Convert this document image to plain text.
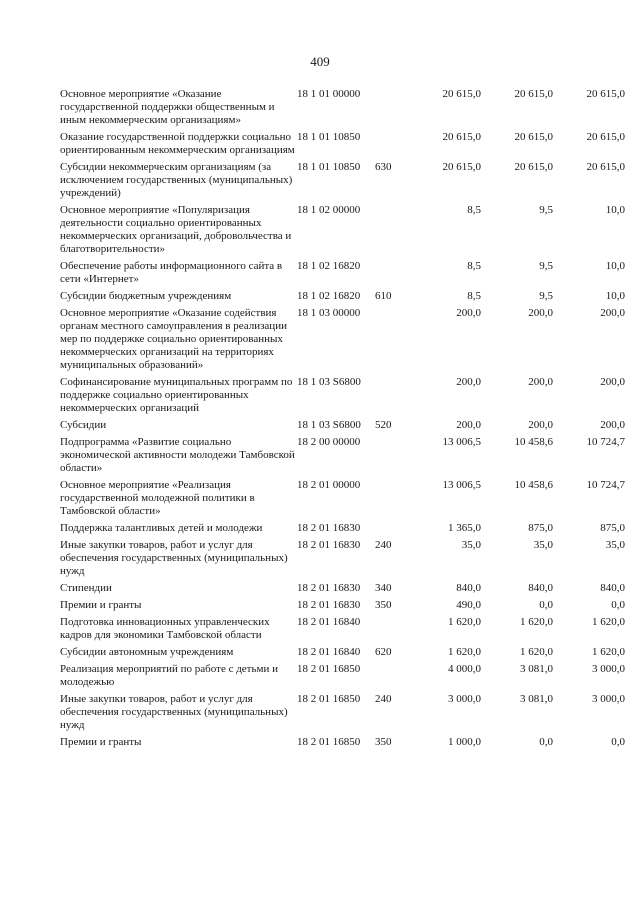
409
Основное мероприятие «Оказание государственной поддержки общественным и иным некоммерческим организациям»	18 1 01 00000		20 615,0	20 615,0	20 615,0
Оказание государственной поддержки социально ориентированным некоммерческим организациям	18 1 01 10850		20 615,0	20 615,0	20 615,0
Субсидии некоммерческим организациям (за исключением государственных (муниципальных) учреждений)	18 1 01 10850	630	20 615,0	20 615,0	20 615,0
Основное мероприятие «Популяризация деятельности социально ориентированных некоммерческих организаций, добровольчества и благотворительности»	18 1 02 00000		8,5	9,5	10,0
Обеспечение работы информационного сайта в сети «Интернет»	18 1 02 16820		8,5	9,5	10,0
Субсидии бюджетным учреждениям	18 1 02 16820	610	8,5	9,5	10,0
Основное мероприятие «Оказание содействия органам местного самоуправления в реализации мер по поддержке социально ориентированных некоммерческих организаций на территориях муниципальных образований»	18 1 03 00000		200,0	200,0	200,0
Софинансирование муниципальных программ по поддержке социально ориентированных некоммерческих организаций	18 1 03 S6800		200,0	200,0	200,0
Субсидии	18 1 03 S6800	520	200,0	200,0	200,0
Подпрограмма «Развитие социально экономической активности молодежи Тамбовской области»	18 2 00 00000		13 006,5	10 458,6	10 724,7
Основное мероприятие «Реализация государственной молодежной политики в Тамбовской области»	18 2 01 00000		13 006,5	10 458,6	10 724,7
Поддержка талантливых детей и молодежи	18 2 01 16830		1 365,0	875,0	875,0
Иные закупки товаров, работ и услуг для обеспечения государственных (муниципальных) нужд	18 2 01 16830	240	35,0	35,0	35,0
Стипендии	18 2 01 16830	340	840,0	840,0	840,0
Премии и гранты	18 2 01 16830	350	490,0	0,0	0,0
Подготовка инновационных управленческих кадров для экономики Тамбовской области	18 2 01 16840		1 620,0	1 620,0	1 620,0
Субсидии автономным учреждениям	18 2 01 16840	620	1 620,0	1 620,0	1 620,0
Реализация мероприятий по работе с детьми и молодежью	18 2 01 16850		4 000,0	3 081,0	3 000,0
Иные закупки товаров, работ и услуг для обеспечения государственных (муниципальных) нужд	18 2 01 16850	240	3 000,0	3 081,0	3 000,0
Премии и гранты	18 2 01 16850	350	1 000,0	0,0	0,0
